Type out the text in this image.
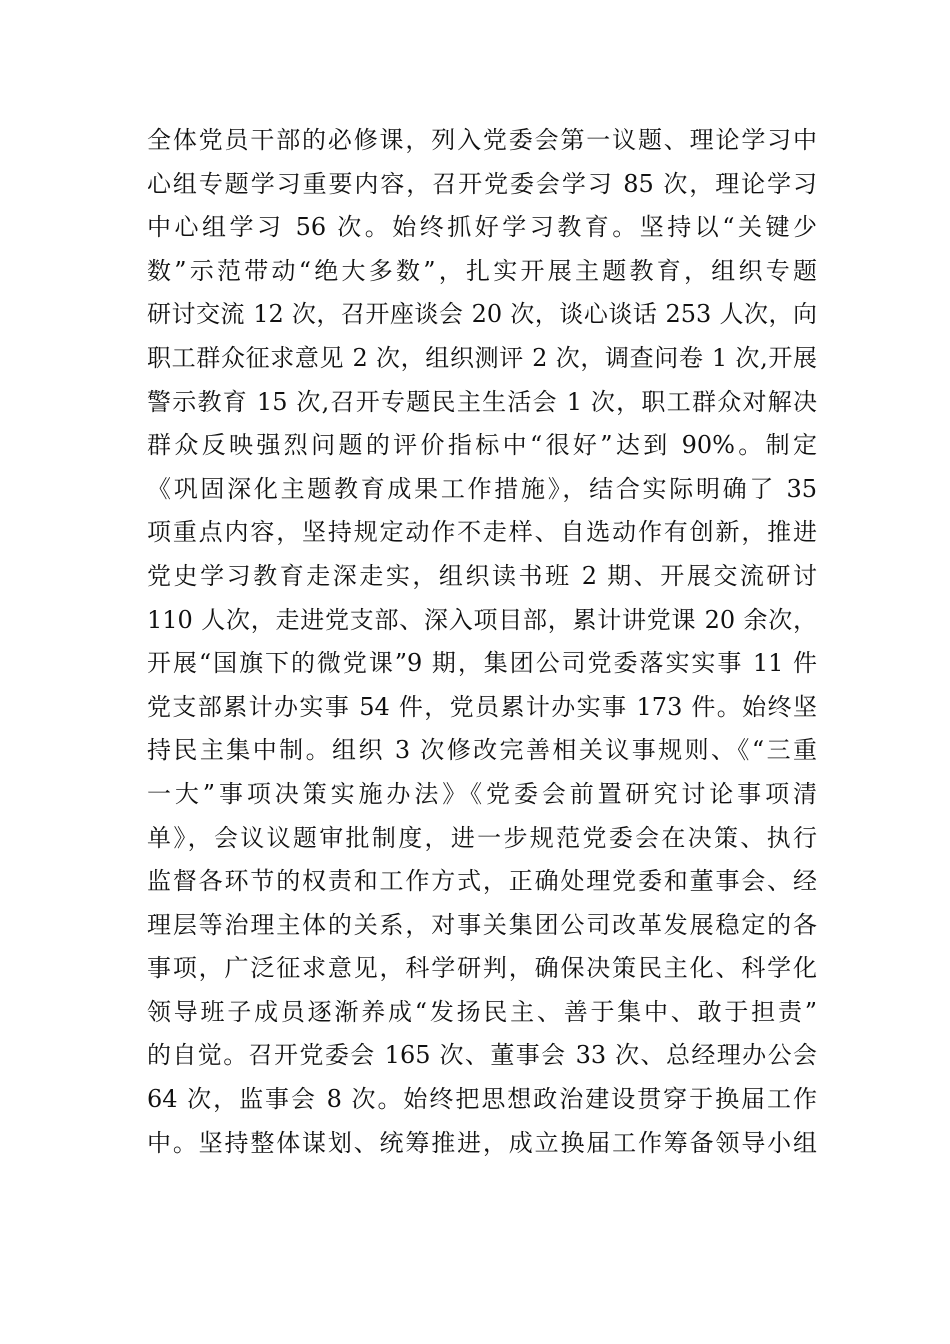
全体党员干部的必修课，列入党委会第一议题、理论学习中
心组专题学习重要内容，召开党委会学习 85 次，理论学习
中心组学习 56 次。始终抓好学习教育。坚持以“关键少
数”示范带动“绝大多数”，扎实开展主题教育，组织专题
研讨交流 12 次，召开座谈会 20 次，谈心谈话 253 人次，向
职工群众征求意见 2 次，组织测评 2 次，调查问卷 1 次,开展
警示教育 15 次,召开专题民主生活会 1 次，职工群众对解决
群众反映强烈问题的评价指标中“很好”达到 90%。制定
《巩固深化主题教育成果工作措施》，结合实际明确了 35
项重点内容，坚持规定动作不走样、自选动作有创新，推进
党史学习教育走深走实，组织读书班 2 期、开展交流研讨
110 人次，走进党支部、深入项目部，累计讲党课 20 余次，
开展“国旗下的微党课”9 期，集团公司党委落实实事 11 件
党支部累计办实事 54 件，党员累计办实事 173 件。始终坚
持民主集中制。组织 3 次修改完善相关议事规则、《“三重
一大”事项决策实施办法》《党委会前置研究讨论事项清
单》，会议议题审批制度，进一步规范党委会在决策、执行
监督各环节的权责和工作方式，正确处理党委和董事会、经
理层等治理主体的关系，对事关集团公司改革发展稳定的各
事项，广泛征求意见，科学研判，确保决策民主化、科学化
领导班子成员逐渐养成“发扬民主、善于集中、敢于担责”
的自觉。召开党委会 165 次、董事会 33 次、总经理办公会
64 次，监事会 8 次。始终把思想政治建设贯穿于换届工作
中。坚持整体谋划、统筹推进，成立换届工作筹备领导小组
